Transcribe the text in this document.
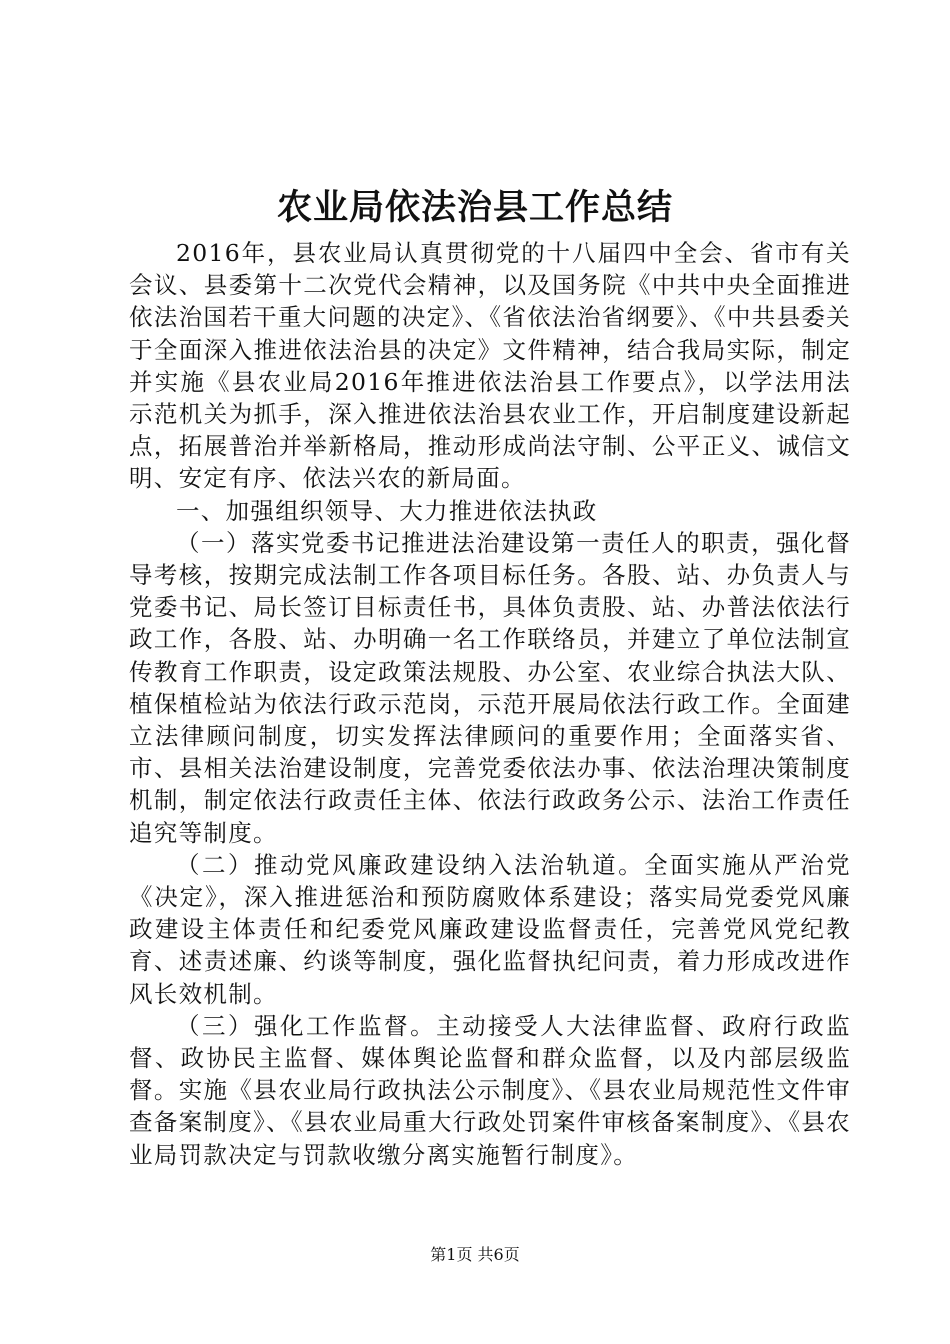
农业局依法治县工作总结

2016年，县农业局认真贯彻党的十八届四中全会、省市有关会议、县委第十二次党代会精神，以及国务院《中共中央全面推进依法治国若干重大问题的决定》、《省依法治省纲要》、《中共县委关于全面深入推进依法治县的决定》文件精神，结合我局实际，制定并实施《县农业局2016年推进依法治县工作要点》，以学法用法示范机关为抓手，深入推进依法治县农业工作，开启制度建设新起点，拓展普治并举新格局，推动形成尚法守制、公平正义、诚信文明、安定有序、依法兴农的新局面。

一、加强组织领导、大力推进依法执政

（一）落实党委书记推进法治建设第一责任人的职责，强化督导考核，按期完成法制工作各项目标任务。各股、站、办负责人与党委书记、局长签订目标责任书，具体负责股、站、办普法依法行政工作，各股、站、办明确一名工作联络员，并建立了单位法制宣传教育工作职责，设定政策法规股、办公室、农业综合执法大队、植保植检站为依法行政示范岗，示范开展局依法行政工作。全面建立法律顾问制度，切实发挥法律顾问的重要作用；全面落实省、市、县相关法治建设制度，完善党委依法办事、依法治理决策制度机制，制定依法行政责任主体、依法行政政务公示、法治工作责任追究等制度。

（二）推动党风廉政建设纳入法治轨道。全面实施从严治党《决定》，深入推进惩治和预防腐败体系建设；落实局党委党风廉政建设主体责任和纪委党风廉政建设监督责任，完善党风党纪教育、述责述廉、约谈等制度，强化监督执纪问责，着力形成改进作风长效机制。

（三）强化工作监督。主动接受人大法律监督、政府行政监督、政协民主监督、媒体舆论监督和群众监督，以及内部层级监督。实施《县农业局行政执法公示制度》、《县农业局规范性文件审查备案制度》、《县农业局重大行政处罚案件审核备案制度》、《县农业局罚款决定与罚款收缴分离实施暂行制度》。

第1页 共6页
